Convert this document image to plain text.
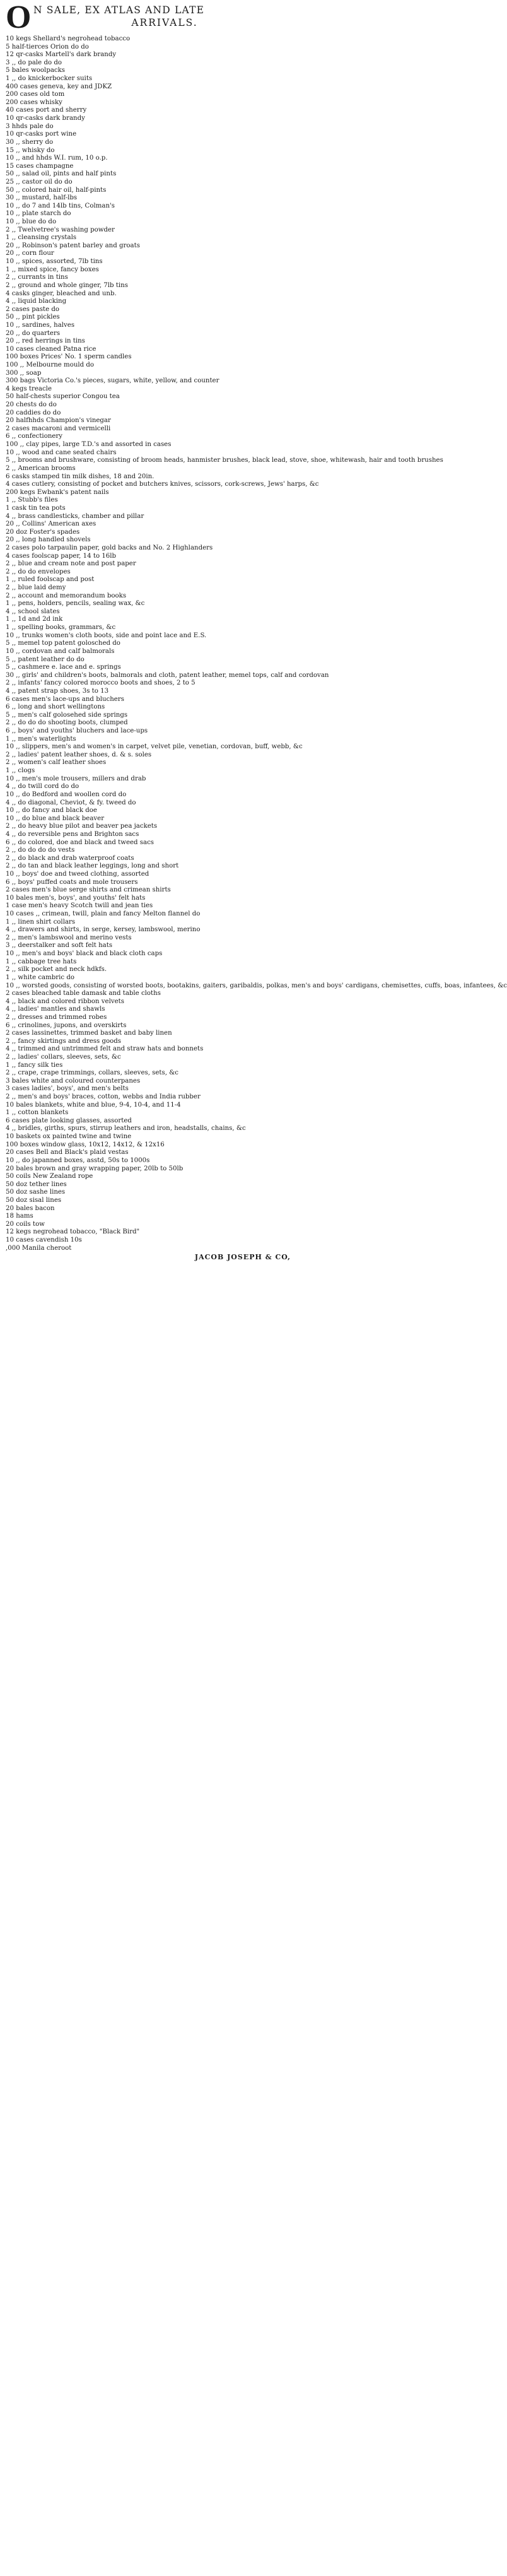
O N SALE, EX ATLAS AND LATE
ARRIVALS.
10 kegs Shellard's negrohead tobacco
5 half-tierces Orion do do
12 qr-casks Martell's dark brandy
3 ,, do pale do do
5 bales woolpacks
1 ,, do knickerbocker suits
400 cases geneva, key and JDKZ
200 cases old tom
200 cases whisky
40 cases port and sherry
10 qr-casks dark brandy
3 hhds pale do
10 qr-casks port wine
30 ,, sherry do
15 ,, whisky do
10 ,, and hhds W.I. rum, 10 o.p.
15 cases champagne
50 ,, salad oil, pints and half pints
25 ,, castor oil do do
50 ,, colored hair oil, half-pints
30 ,, mustard, half-lbs
10 ,, do 7 and 14lb tins, Colman's
10 ,, plate starch do
10 ,, blue do do
2 ,, Twelvetree's washing powder
1 ,, cleansing crystals
20 ,, Robinson's patent barley and groats
20 ,, corn flour
10 ,, spices, assorted, 7lb tins
1 ,, mixed spice, fancy boxes
2 ,, currants in tins
2 ,, ground and whole ginger, 7lb tins
4 casks ginger, bleached and unb.
4 ,, liquid blacking
2 cases paste do
50 ,, pint pickles
10 ,, sardines, halves
20 ,, do quarters
20 ,, red herrings in tins
10 cases cleaned Patna rice
100 boxes Prices' No. 1 sperm candles
100 ,, Melbourne mould do
300 ,, soap
300 bags Victoria Co.'s pieces, sugars, white, yellow, and counter
4 kegs treacle
50 half-chests superior Congou tea
20 chests do do
20 caddies do do
20 halfhhds Champion's vinegar
2 cases macaroni and vermicelli
6 ,, confectionery
100 ,, clay pipes, large T.D.'s and assorted in cases
10 ,, wood and cane seated chairs
5 ,, brooms and brushware, consisting of broom heads, hanmister brushes, black lead, stove, shoe, whitewash, hair and tooth brushes
2 ,, American brooms
6 casks stamped tin milk dishes, 18 and 20in.
4 cases cutlery, consisting of pocket and butchers knives, scissors, cork-screws, Jews' harps, &c
200 kegs Ewbank's patent nails
1 ,, Stubb's files
1 cask tin tea pots
4 ,, brass candlesticks, chamber and pillar
20 ,, Collins' American axes
20 doz Foster's spades
20 ,, long handled shovels
2 cases polo tarpaulin paper, gold backs and No. 2 Highlanders
4 cases foolscap paper, 14 to 16lb
2 ,, blue and cream note and post paper
2 ,, do do envelopes
1 ,, ruled foolscap and post
2 ,, blue laid demy
2 ,, account and memorandum books
1 ,, pens, holders, pencils, sealing wax, &c
4 ,, school slates
1 ,, 1d and 2d ink
1 ,, spelling books, grammars, &c
10 ,, trunks women's cloth boots, side and point lace and E.S.
5 ,, memel top patent golosched do
10 ,, cordovan and calf balmorals
5 ,, patent leather do do
5 ,, cashmere e. lace and e. springs
30 ,, girls' and children's boots, balmorals and cloth, patent leather, memel tops, calf and cordovan
2 ,, infants' fancy colored morocco boots and shoes, 2 to 5
4 ,, patent strap shoes, 3s to 13
6 cases men's lace-ups and bluchers
6 ,, long and short wellingtons
5 ,, men's calf golosehed side springs
2 ,, do do do shooting boots, clumped
6 ,, boys' and youths' bluchers and lace-ups
1 ,, men's waterlights
10 ,, slippers, men's and women's in carpet, velvet pile, venetian, cordovan, buff, webb, &c
2 ,, ladies' patent leather shoes, d. & s. soles
2 ,, women's calf leather shoes
1 ,, clogs
10 ,, men's mole trousers, millers and drab
4 ,, do twill cord do do
10 ,, do Bedford and woollen cord do
4 ,, do diagonal, Cheviot, & fy. tweed do
10 ,, do fancy and black doe
10 ,, do blue and black beaver
2 ,, do heavy blue pilot and beaver pea jackets
4 ,, do reversible pens and Brighton sacs
6 ,, do colored, doe and black and tweed sacs
2 ,, do do do do vests
2 ,, do black and drab waterproof coats
2 ,, do tan and black leather leggings, long and short
10 ,, boys' doe and tweed clothing, assorted
6 ,, boys' puffed coats and mole trousers
2 cases men's blue serge shirts and crimean shirts
10 bales men's, boys', and youths' felt hats
1 case men's heavy Scotch twill and jean ties
10 cases ,, crimean, twill, plain and fancy Melton flannel do
1 ,, linen shirt collars
4 ,, drawers and shirts, in serge, kersey, lambswool, merino
2 ,, men's lambswool and merino vests
3 ,, deerstalker and soft felt hats
10 ,, men's and boys' black and black cloth caps
1 ,, cabbage tree hats
2 ,, silk pocket and neck hdkfs.
1 ,, white cambric do
10 ,, worsted goods, consisting of worsted boots, bootakins, gaiters, garibaldis, polkas, men's and boys' cardigans, chemisettes, cuffs, boas, infantees, &c
2 cases bleached table damask and table cloths
4 ,, black and colored ribbon velvets
4 ,, ladies' mantles and shawls
2 ,, dresses and trimmed robes
6 ,, crinolines, jupons, and overskirts
2 cases lassinettes, trimmed basket and baby linen
2 ,, fancy skirtings and dress goods
4 ,, trimmed and untrimmed felt and straw hats and bonnets
2 ,, ladies' collars, sleeves, sets, &c
1 ,, fancy silk ties
2 ,, crape, crape trimmings, collars, sleeves, sets, &c
3 bales white and coloured counterpanes
3 cases ladies', boys', and men's belts
2 ,, men's and boys' braces, cotton, webbs and India rubber
10 bales blankets, white and blue, 9-4, 10-4, and 11-4
1 ,, cotton blankets
6 cases plate looking glasses, assorted
4 ,, bridles, girths, spurs, stirrup leathers and iron, headstalls, chains, &c
10 baskets ox painted twine and twine
100 boxes window glass, 10x12, 14x12, & 12x16
20 cases Bell and Black's plaid vestas
10 ,, do japanned boxes, asstd, 50s to 1000s
20 bales brown and gray wrapping paper, 20lb to 50lb
50 coils New Zealand rope
50 doz tether lines
50 doz sashe lines
50 doz sisal lines
20 bales bacon
18 hams
20 coils tow
12 kegs negrohead tobacco, "Black Bird"
10 cases cavendish 10s
,000 Manila cheroot
JACOB JOSEPH & CO,
